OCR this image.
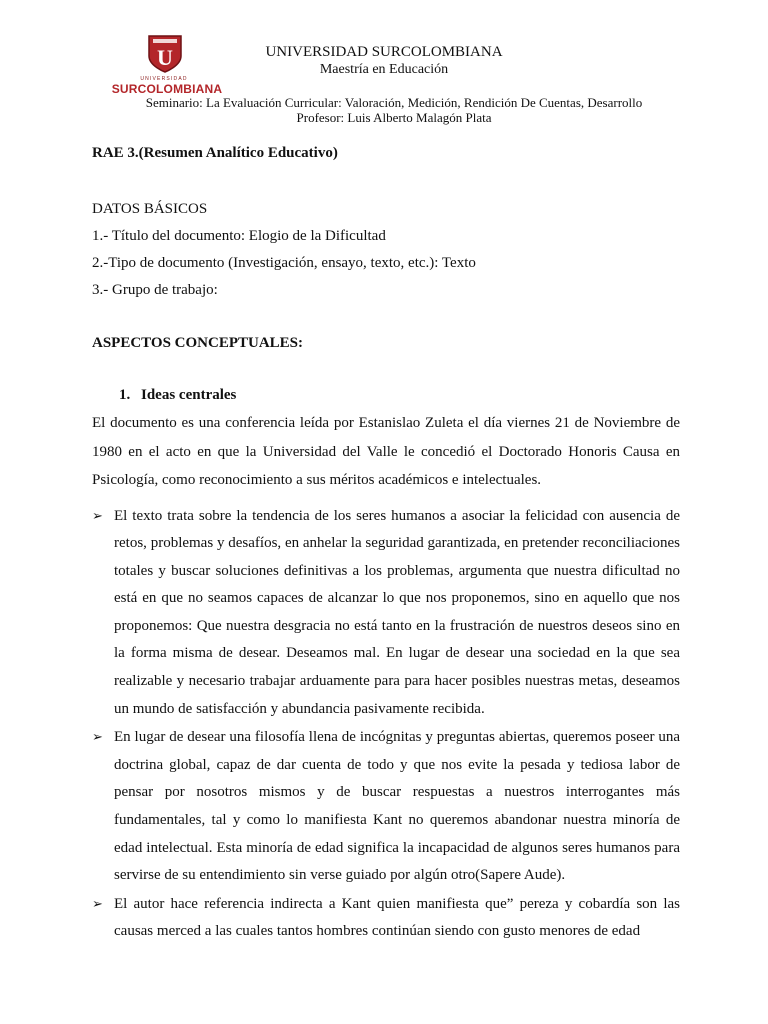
U
UNIVERSIDAD
SURCOLOMBIANA
UNIVERSIDAD SURCOLOMBIANA
Maestría en Educación
Seminario: La Evaluación Curricular: Valoración, Medición, Rendición De Cuentas, Desarrollo
Profesor: Luis Alberto Malagón Plata

RAE 3.(Resumen Analítico Educativo)

DATOS BÁSICOS

1.- Título del documento: Elogio de la Dificultad

2.-Tipo de documento (Investigación, ensayo, texto, etc.): Texto

3.- Grupo de trabajo:

ASPECTOS CONCEPTUALES:

1. Ideas centrales

El documento es una conferencia leída por Estanislao Zuleta el día viernes 21 de Noviembre de 1980 en el acto en que la Universidad del Valle le concedió el Doctorado Honoris Causa en Psicología, como reconocimiento a sus méritos académicos e intelectuales.

➢ El texto trata sobre la tendencia de los seres humanos a asociar la felicidad con ausencia de retos, problemas y desafíos, en anhelar la seguridad garantizada, en pretender reconciliaciones totales y buscar soluciones definitivas a los problemas, argumenta que nuestra dificultad no está en que no seamos capaces de alcanzar lo que nos proponemos, sino en aquello que nos proponemos: Que nuestra desgracia no está tanto en la frustración de nuestros deseos sino en la forma misma de desear. Deseamos mal. En lugar de desear una sociedad en la que sea realizable y necesario trabajar arduamente para para hacer posibles nuestras metas, deseamos un mundo de satisfacción y abundancia pasivamente recibida.
➢ En lugar de desear una filosofía llena de incógnitas y preguntas abiertas, queremos poseer una doctrina global, capaz de dar cuenta de todo y que nos evite la pesada y tediosa labor de pensar por nosotros mismos y de buscar respuestas a nuestros interrogantes más fundamentales, tal y como lo manifiesta Kant no queremos abandonar nuestra minoría de edad intelectual. Esta minoría de edad significa la incapacidad de algunos seres humanos para servirse de su entendimiento sin verse guiado por algún otro(Sapere Aude).
➢ El autor hace referencia indirecta a Kant quien manifiesta que” pereza y cobardía son las causas merced a las cuales tantos hombres continúan siendo con gusto menores de edad
